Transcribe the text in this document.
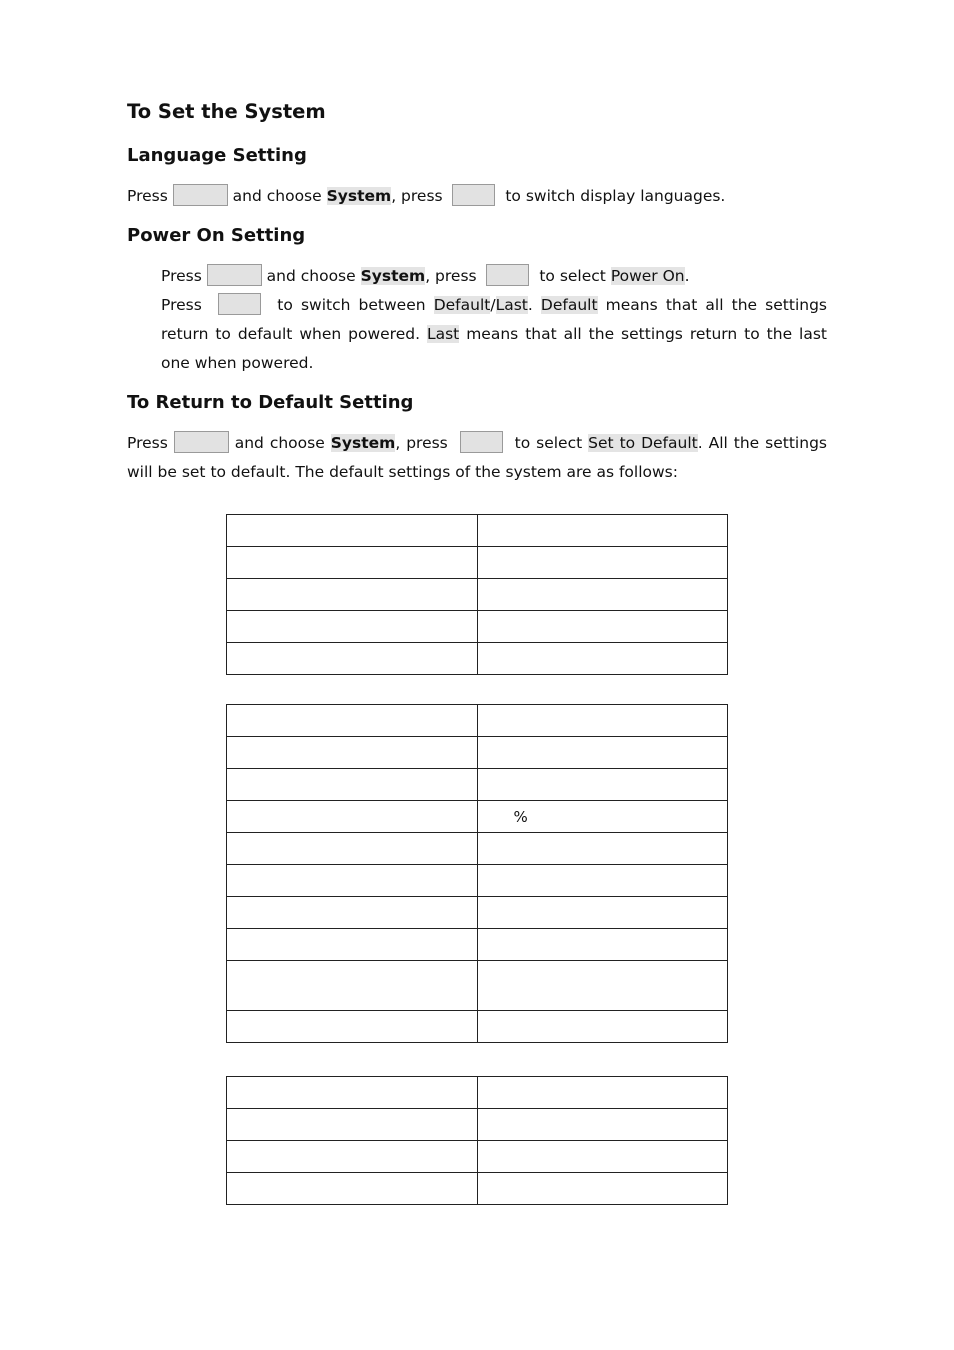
To Set the System
Language Setting
Press	and choose System, press	to switch display languages.
Power On Setting
Press	and choose System, press	to select Power On.
Press	to switch between Default/Last. Default means that all the settings return to default when powered. Last means that all the settings return to the last one when powered.
To Return to Default Setting
Press	and choose System, press	to select Set to Default. All the settings will be set to default. The default settings of the system are as follows:

	%
